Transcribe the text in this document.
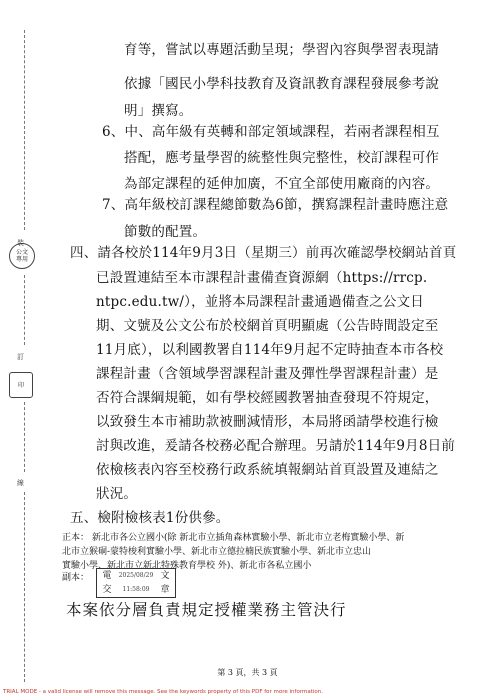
公文
專用
裝
訂
印
線
育等，嘗試以專題活動呈現；學習內容與學習表現請
依據「國民小學科技教育及資訊教育課程發展參考說
明」撰寫。
6、中、高年級有英轉和部定領域課程，若兩者課程相互
搭配，應考量學習的統整性與完整性，校訂課程可作
為部定課程的延伸加廣，不宜全部使用廠商的內容。
7、高年級校訂課程總節數為6節，撰寫課程計畫時應注意
節數的配置。
四、請各校於114年9月3日（星期三）前再次確認學校網站首頁
已設置連結至本市課程計畫備查資源網（https://rrcp.
ntpc.edu.tw/），並將本局課程計畫通過備查之公文日
期、文號及公文公布於校網首頁明顯處（公告時間設定至
11月底），以利國教署自114年9月起不定時抽查本市各校
課程計畫（含領域學習課程計畫及彈性學習課程計畫）是
否符合課綱規範，如有學校經國教署抽查發現不符規定，
以致發生本市補助款被刪減情形，本局將函請學校進行檢
討與改進，爰請各校務必配合辦理。另請於114年9月8日前
依檢核表內容至校務行政系統填報網站首頁設置及連結之
狀況。
五、檢附檢核表1份供參。
正本： 新北市各公立國小(除 新北市立插角森林實驗小學、新北市立老梅實驗小學、新
北市立猴硐-蒙特梭利實驗小學、新北市立德拉楠民族實驗小學、新北市立忠山
實驗小學、新北市立新北特殊教育學校 外)、新北市各私立國小
副本：	電	2025/08/29 文
交	11:58:09	章
本案依分層負責規定授權業務主管決行
第 3 頁，共 3 頁
TRIAL MODE - a valid license will remove this message. See the keywords property of this PDF for more information.
